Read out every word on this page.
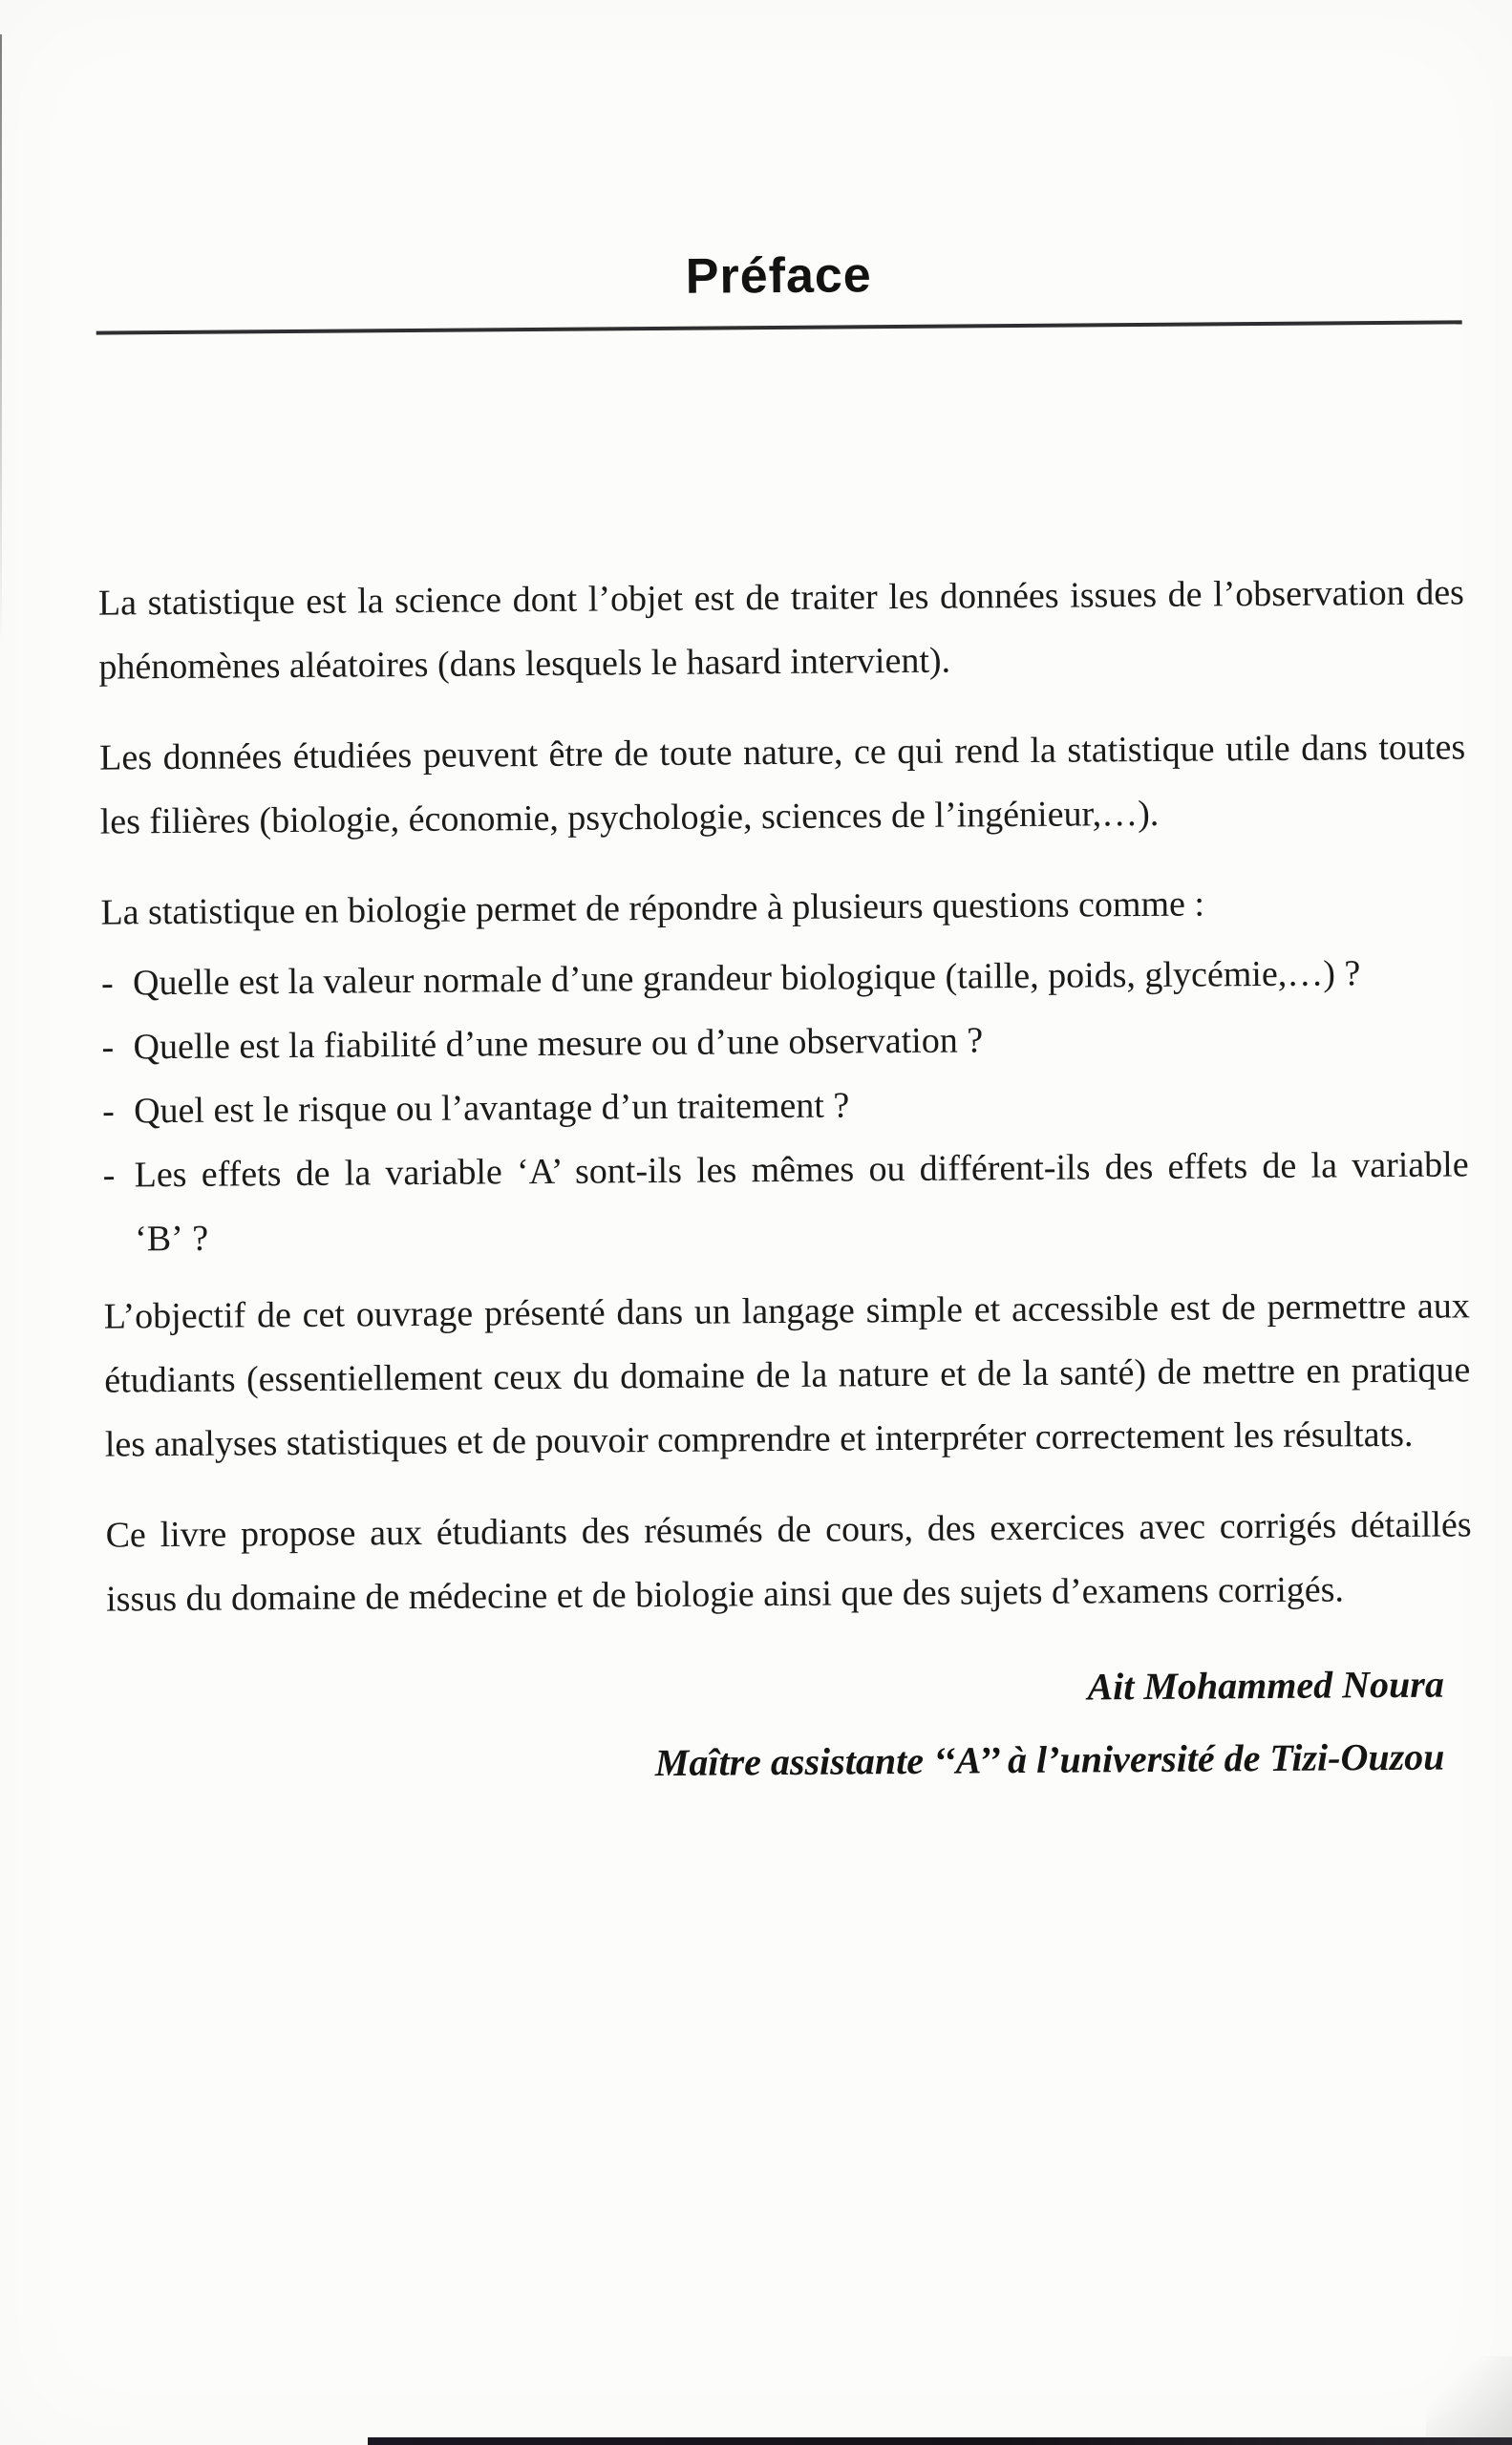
Préface

La statistique est la science dont l’objet est de traiter les données issues de l’observation des phénomènes aléatoires (dans lesquels le hasard intervient).

Les données étudiées peuvent être de toute nature, ce qui rend la statistique utile dans toutes les filières (biologie, économie, psychologie, sciences de l’ingénieur,…).

La statistique en biologie permet de répondre à plusieurs questions comme :

- Quelle est la valeur normale d’une grandeur biologique (taille, poids, glycémie,…) ?
- Quelle est la fiabilité d’une mesure ou d’une observation ?
- Quel est le risque ou l’avantage d’un traitement ?
- Les effets de la variable ‘A’ sont-ils les mêmes ou différent-ils des effets de la variable ‘B’ ?

L’objectif de cet ouvrage présenté dans un langage simple et accessible est de permettre aux étudiants (essentiellement ceux du domaine de la nature et de la santé) de mettre en pratique les analyses statistiques et de pouvoir comprendre et interpréter correctement les résultats.

Ce livre propose aux étudiants des résumés de cours, des exercices avec corrigés détaillés issus du domaine de médecine et de biologie ainsi que des sujets d’examens corrigés.

Ait Mohammed Noura
Maître assistante ‘‘A’’ à l’université de Tizi-Ouzou
